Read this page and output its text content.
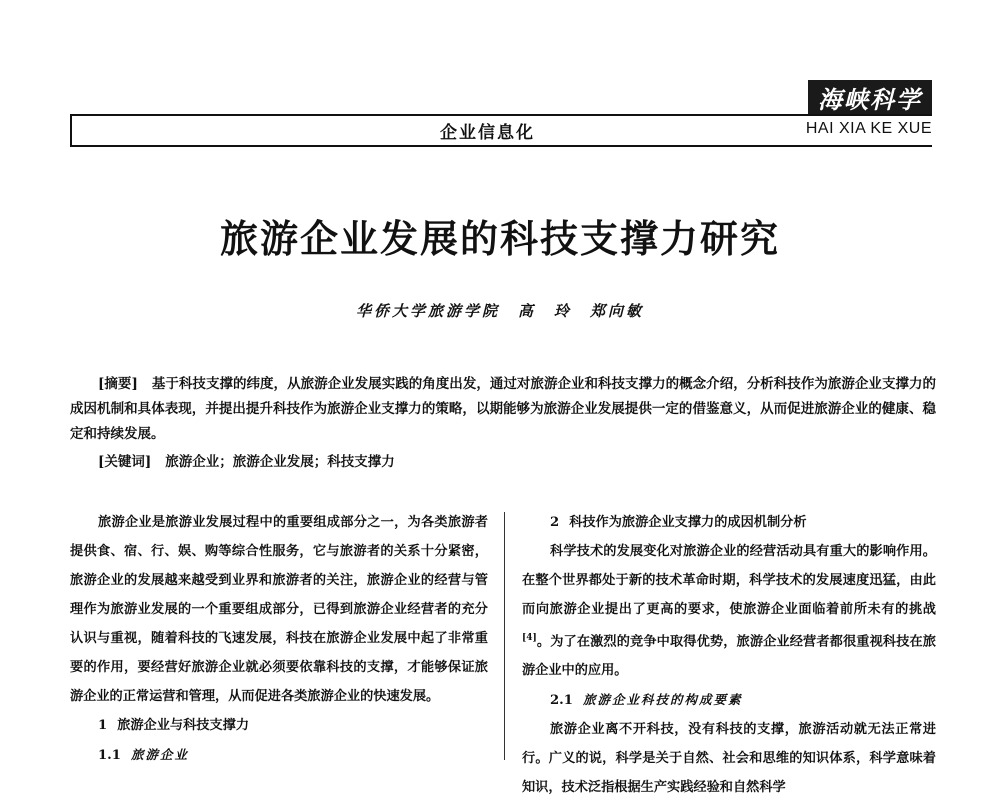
海峡科学
企业信息化	HAI XIA KE XUE
旅游企业发展的科技支撑力研究
华侨大学旅游学院　高　玲　郑向敏
[摘要] 基于科技支撑的纬度，从旅游企业发展实践的角度出发，通过对旅游企业和科技支撑力的概念介绍，分析科技作为旅游企业支撑力的成因机制和具体表现，并提出提升科技作为旅游企业支撑力的策略，以期能够为旅游企业发展提供一定的借鉴意义，从而促进旅游企业的健康、稳定和持续发展。
[关键词] 旅游企业；旅游企业发展；科技支撑力

旅游企业是旅游业发展过程中的重要组成部分之一，为各类旅游者提供食、宿、行、娱、购等综合性服务，它与旅游者的关系十分紧密，旅游企业的发展越来越受到业界和旅游者的关注，旅游企业的经营与管理作为旅游业发展的一个重要组成部分，已得到旅游企业经营者的充分认识与重视，随着科技的飞速发展，科技在旅游企业发展中起了非常重要的作用，要经营好旅游企业就必须要依靠科技的支撑，才能够保证旅游企业的正常运营和管理，从而促进各类旅游企业的快速发展。

1 旅游企业与科技支撑力

1.1 旅游企业

2 科技作为旅游企业支撑力的成因机制分析

科学技术的发展变化对旅游企业的经营活动具有重大的影响作用。在整个世界都处于新的技术革命时期，科学技术的发展速度迅猛，由此而向旅游企业提出了更高的要求，使旅游企业面临着前所未有的挑战[4]。为了在激烈的竞争中取得优势，旅游企业经营者都很重视科技在旅游企业中的应用。

2.1 旅游企业科技的构成要素

旅游企业离不开科技，没有科技的支撑，旅游活动就无法正常进行。广义的说，科学是关于自然、社会和思维的知识体系，科学意味着知识，技术泛指根据生产实践经验和自然科学
